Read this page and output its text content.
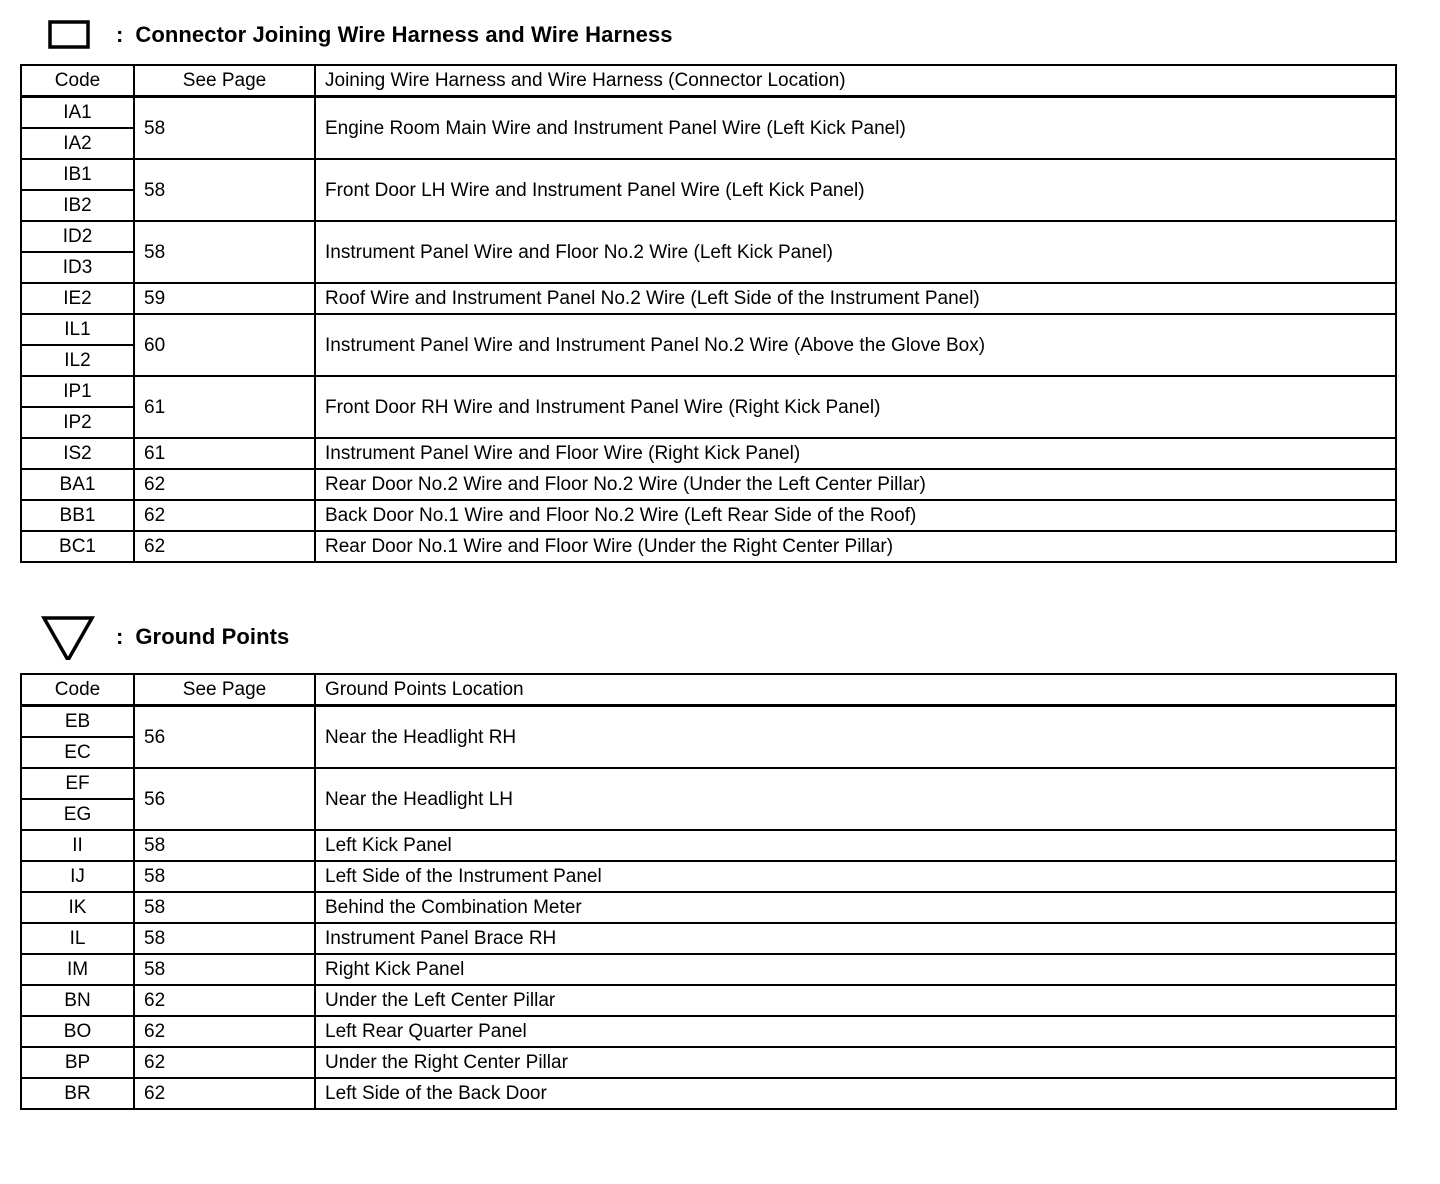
: Connector Joining Wire Harness and Wire Harness
Code	See Page	Joining Wire Harness and Wire Harness (Connector Location)
IA1	58	Engine Room Main Wire and Instrument Panel Wire (Left Kick Panel)
IA2		
IB1	58	Front Door LH Wire and Instrument Panel Wire (Left Kick Panel)
IB2		
ID2	58	Instrument Panel Wire and Floor No.2 Wire (Left Kick Panel)
ID3		
IE2	59	Roof Wire and Instrument Panel No.2 Wire (Left Side of the Instrument Panel)
IL1	60	Instrument Panel Wire and Instrument Panel No.2 Wire (Above the Glove Box)
IL2		
IP1	61	Front Door RH Wire and Instrument Panel Wire (Right Kick Panel)
IP2		
IS2	61	Instrument Panel Wire and Floor Wire (Right Kick Panel)
BA1	62	Rear Door No.2 Wire and Floor No.2 Wire (Under the Left Center Pillar)
BB1	62	Back Door No.1 Wire and Floor No.2 Wire (Left Rear Side of the Roof)
BC1	62	Rear Door No.1 Wire and Floor Wire (Under the Right Center Pillar)
: Ground Points
Code	See Page	Ground Points Location
EB	56	Near the Headlight RH
EC		
EF	56	Near the Headlight LH
EG		
II	58	Left Kick Panel
IJ	58	Left Side of the Instrument Panel
IK	58	Behind the Combination Meter
IL	58	Instrument Panel Brace RH
IM	58	Right Kick Panel
BN	62	Under the Left Center Pillar
BO	62	Left Rear Quarter Panel
BP	62	Under the Right Center Pillar
BR	62	Left Side of the Back Door
